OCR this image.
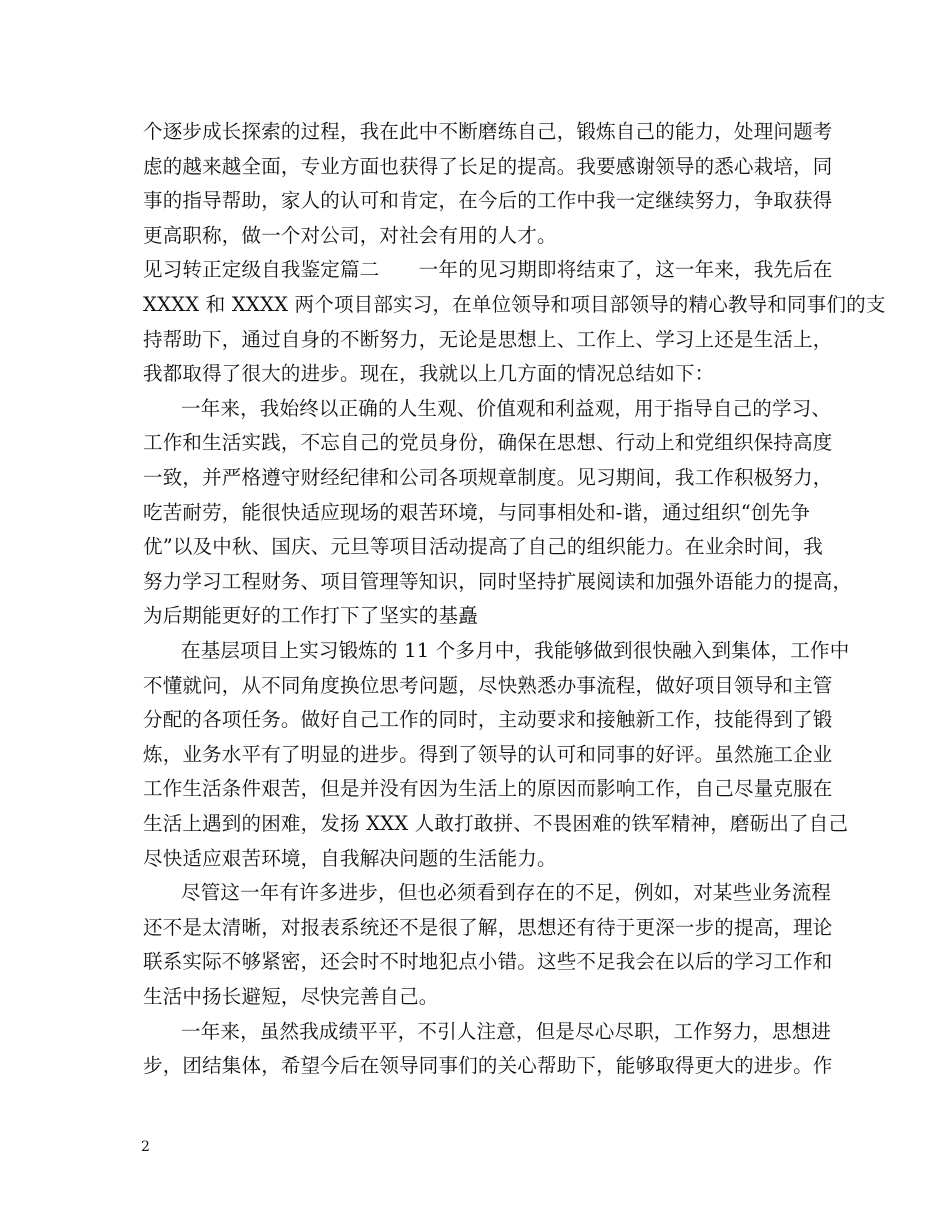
个逐步成长探索的过程，我在此中不断磨练自己，锻炼自己的能力，处理问题考
虑的越来越全面，专业方面也获得了长足的提高。我要感谢领导的悉心栽培，同
事的指导帮助，家人的认可和肯定，在今后的工作中我一定继续努力，争取获得
更高职称，做一个对公司，对社会有用的人才。
见习转正定级自我鉴定篇二　　一年的见习期即将结束了，这一年来，我先后在
XXXX 和 XXXX 两个项目部实习，在单位领导和项目部领导的精心教导和同事们的支
持帮助下，通过自身的不断努力，无论是思想上、工作上、学习上还是生活上，
我都取得了很大的进步。现在，我就以上几方面的情况总结如下：
一年来，我始终以正确的人生观、价值观和利益观，用于指导自己的学习、
工作和生活实践，不忘自己的党员身份，确保在思想、行动上和党组织保持高度
一致，并严格遵守财经纪律和公司各项规章制度。见习期间，我工作积极努力，
吃苦耐劳，能很快适应现场的艰苦环境，与同事相处和-谐，通过组织“创先争
优”以及中秋、国庆、元旦等项目活动提高了自己的组织能力。在业余时间，我
努力学习工程财务、项目管理等知识，同时坚持扩展阅读和加强外语能力的提高，
为后期能更好的工作打下了坚实的基矗
在基层项目上实习锻炼的 11 个多月中，我能够做到很快融入到集体，工作中
不懂就问，从不同角度换位思考问题，尽快熟悉办事流程，做好项目领导和主管
分配的各项任务。做好自己工作的同时，主动要求和接触新工作，技能得到了锻
炼，业务水平有了明显的进步。得到了领导的认可和同事的好评。虽然施工企业
工作生活条件艰苦，但是并没有因为生活上的原因而影响工作，自己尽量克服在
生活上遇到的困难，发扬 XXX 人敢打敢拼、不畏困难的铁军精神，磨砺出了自己
尽快适应艰苦环境，自我解决问题的生活能力。
尽管这一年有许多进步，但也必须看到存在的不足，例如，对某些业务流程
还不是太清晰，对报表系统还不是很了解，思想还有待于更深一步的提高，理论
联系实际不够紧密，还会时不时地犯点小错。这些不足我会在以后的学习工作和
生活中扬长避短，尽快完善自己。
一年来，虽然我成绩平平，不引人注意，但是尽心尽职，工作努力，思想进
步，团结集体，希望今后在领导同事们的关心帮助下，能够取得更大的进步。作
2
